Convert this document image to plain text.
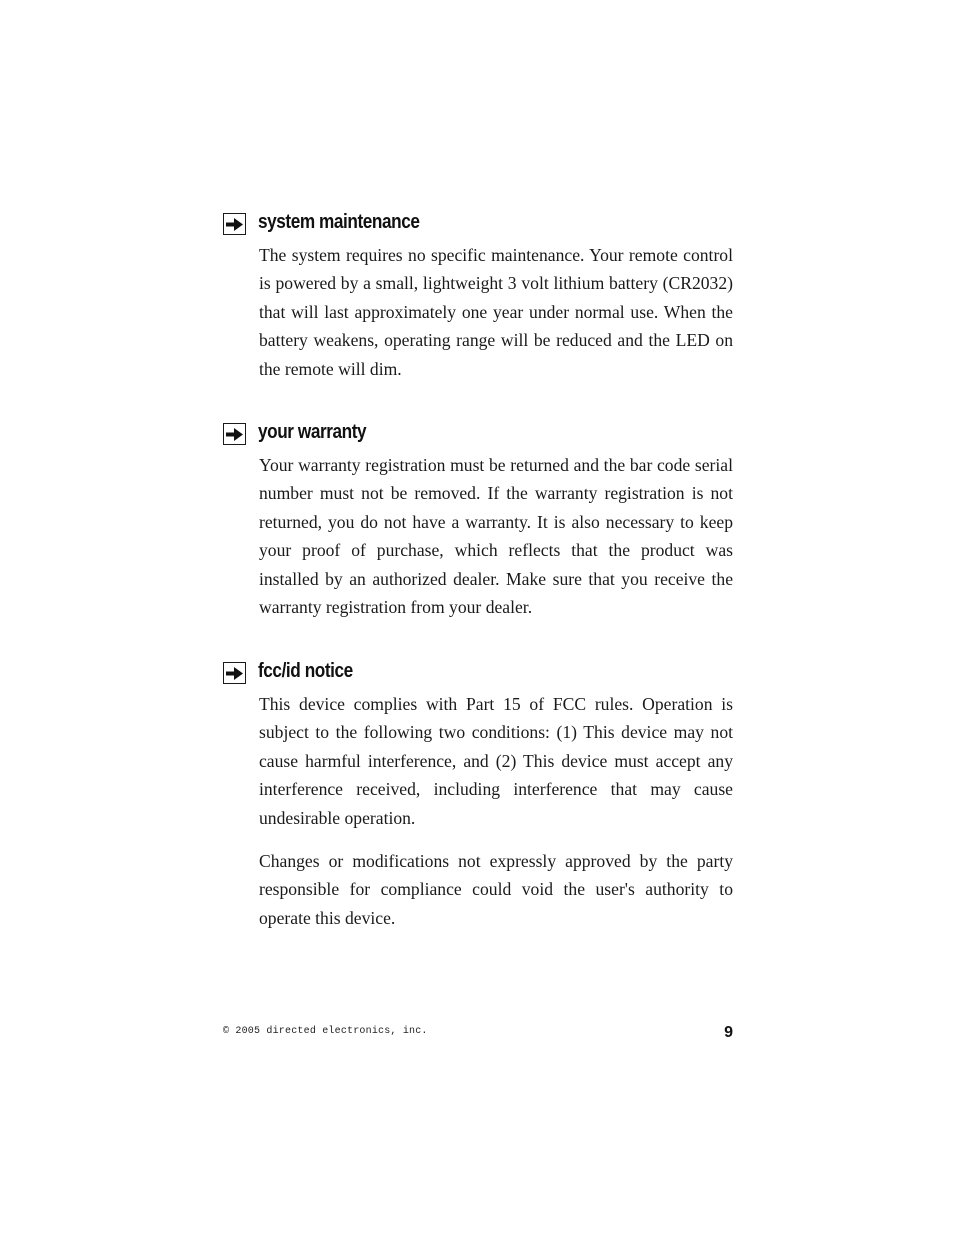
system maintenance

The system requires no specific maintenance. Your remote control is powered by a small, lightweight 3 volt lithium battery (CR2032) that will last approximately one year under normal use. When the battery weakens, operating range will be reduced and the LED on the remote will dim.

your warranty

Your warranty registration must be returned and the bar code serial number must not be removed. If the warranty registration is not returned, you do not have a warranty. It is also necessary to keep your proof of purchase, which reflects that the product was installed by an authorized dealer. Make sure that you receive the warranty registration from your dealer.

fcc/id notice

This device complies with Part 15 of FCC rules. Operation is subject to the following two conditions: (1) This device may not cause harmful interference, and (2) This device must accept any interference received, including interference that may cause undesirable operation.

Changes or modifications not expressly approved by the party responsible for compliance could void the user's authority to operate this device.

© 2005 directed electronics, inc.	9
